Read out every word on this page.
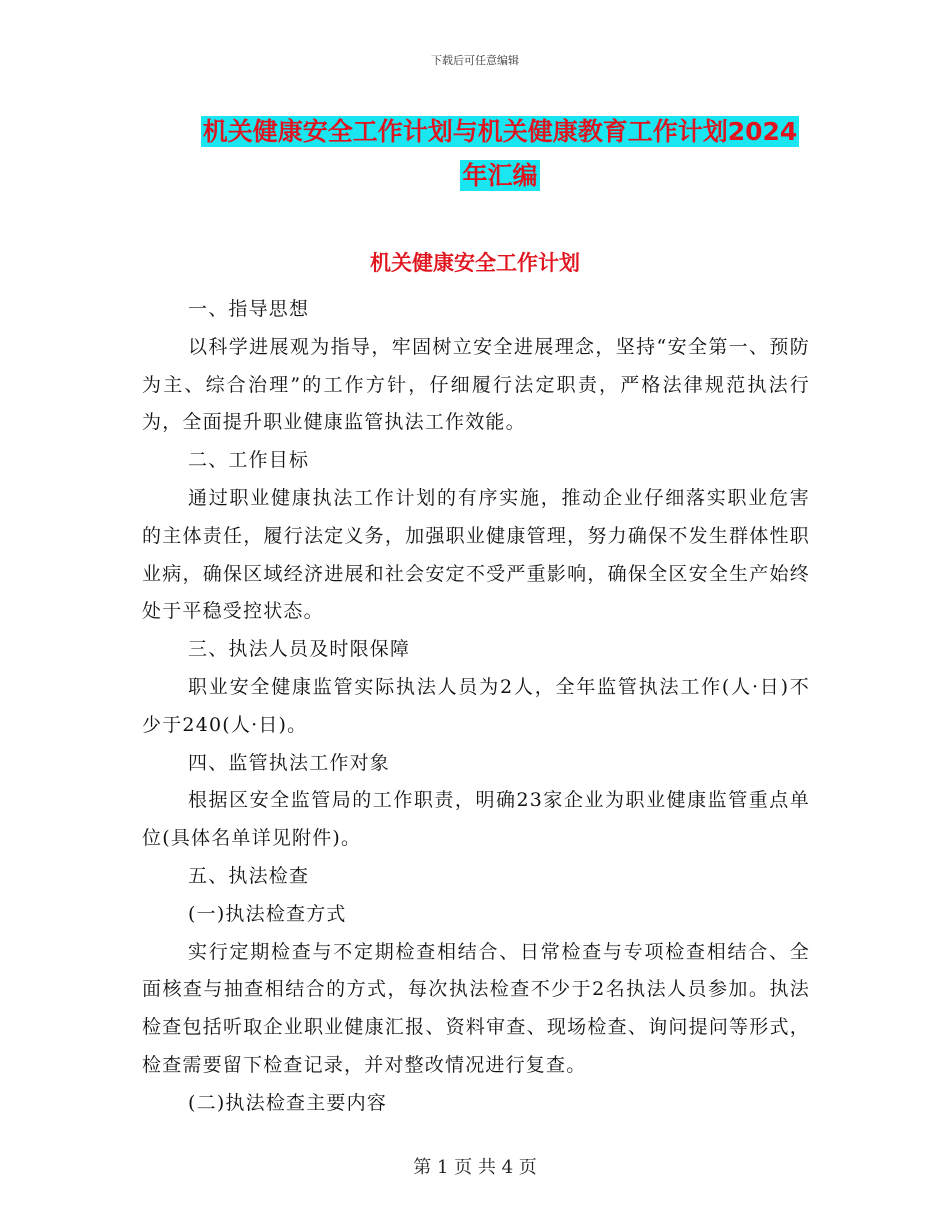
下载后可任意编辑
机关健康安全工作计划与机关健康教育工作计划2024
年汇编
机关健康安全工作计划

一、指导思想

以科学进展观为指导，牢固树立安全进展理念，坚持“安全第一、预防为主、综合治理”的工作方针，仔细履行法定职责，严格法律规范执法行为，全面提升职业健康监管执法工作效能。

二、工作目标

通过职业健康执法工作计划的有序实施，推动企业仔细落实职业危害的主体责任，履行法定义务，加强职业健康管理，努力确保不发生群体性职业病，确保区域经济进展和社会安定不受严重影响，确保全区安全生产始终处于平稳受控状态。

三、执法人员及时限保障

职业安全健康监管实际执法人员为2人，全年监管执法工作(人·日)不少于240(人·日)。

四、监管执法工作对象

根据区安全监管局的工作职责，明确23家企业为职业健康监管重点单位(具体名单详见附件)。

五、执法检查

(一)执法检查方式

实行定期检查与不定期检查相结合、日常检查与专项检查相结合、全面核查与抽查相结合的方式，每次执法检查不少于2名执法人员参加。执法检查包括听取企业职业健康汇报、资料审查、现场检查、询问提问等形式，检查需要留下检查记录，并对整改情况进行复查。

(二)执法检查主要内容

第 1 页 共 4 页
